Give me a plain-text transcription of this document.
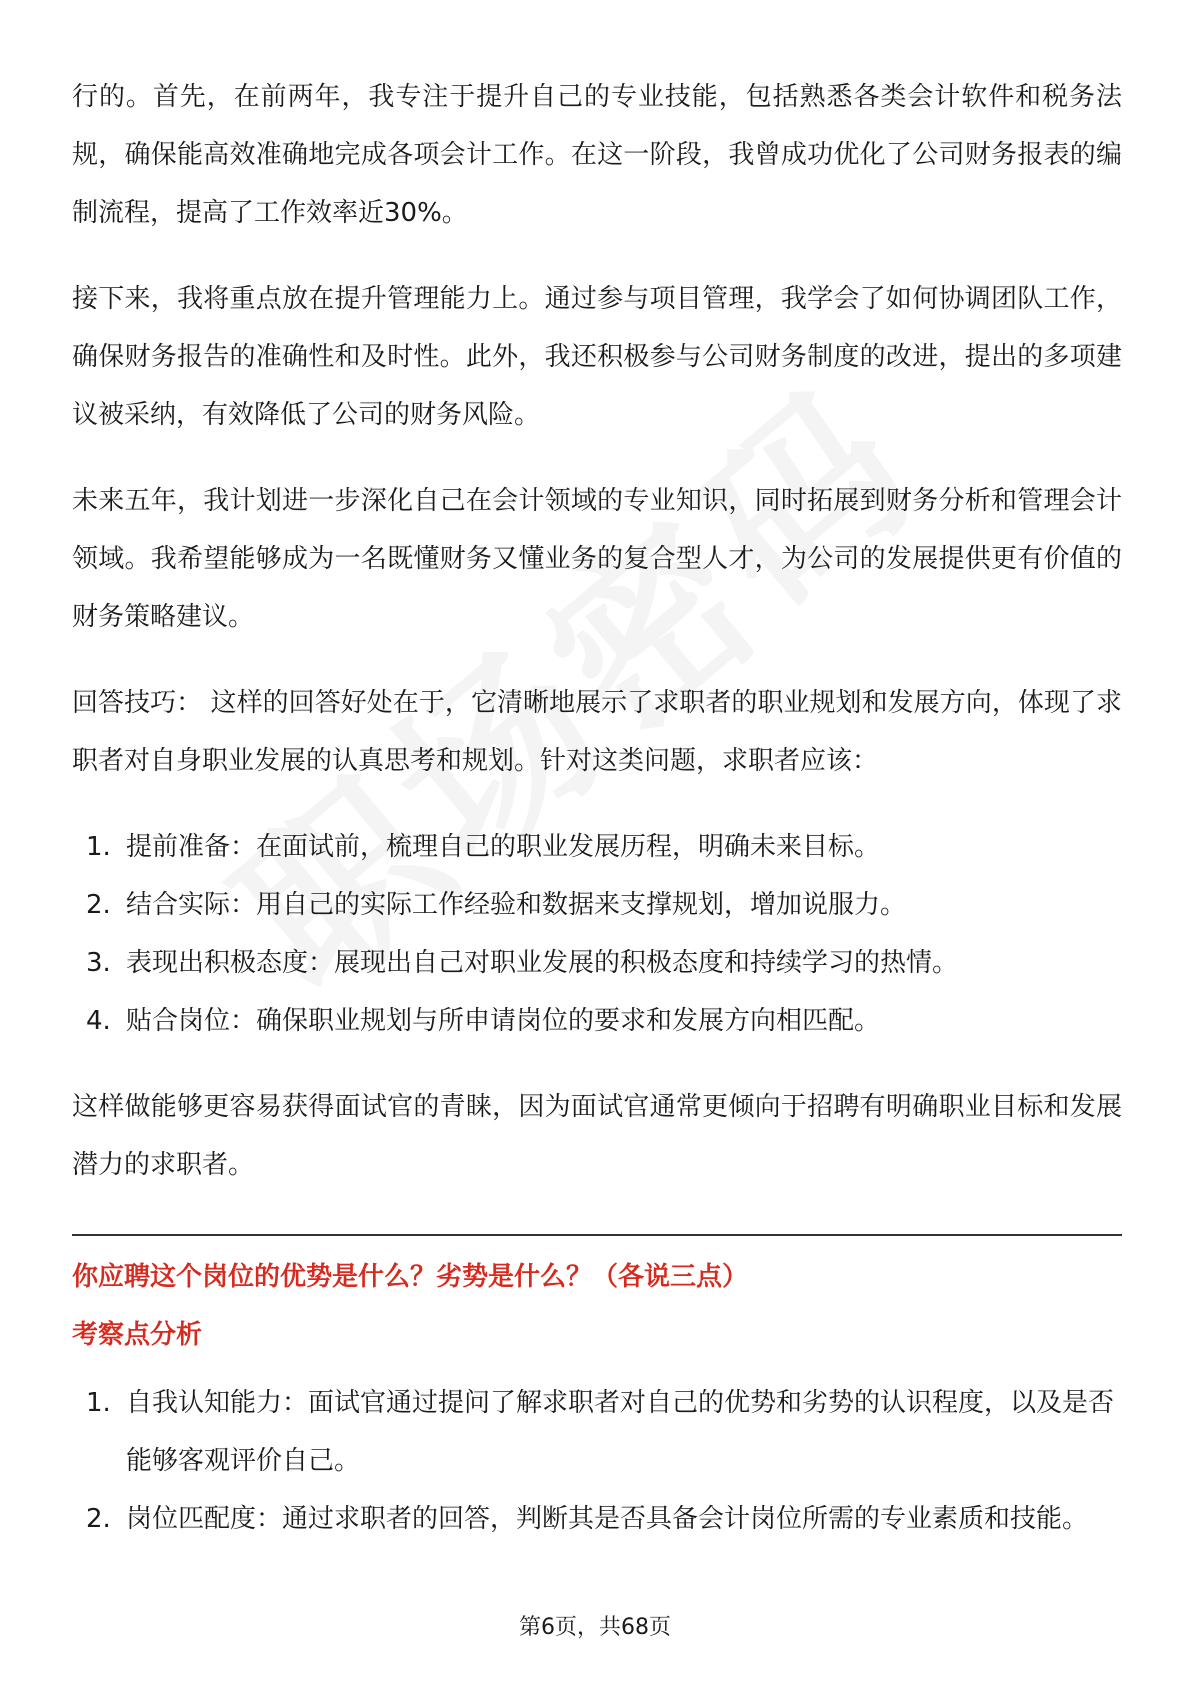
行的。首先，在前两年，我专注于提升自己的专业技能，包括熟悉各类会计软件和税务法规，确保能高效准确地完成各项会计工作。在这一阶段，我曾成功优化了公司财务报表的编制流程，提高了工作效率近30%。

接下来，我将重点放在提升管理能力上。通过参与项目管理，我学会了如何协调团队工作，确保财务报告的准确性和及时性。此外，我还积极参与公司财务制度的改进，提出的多项建议被采纳，有效降低了公司的财务风险。

未来五年，我计划进一步深化自己在会计领域的专业知识，同时拓展到财务分析和管理会计领域。我希望能够成为一名既懂财务又懂业务的复合型人才，为公司的发展提供更有价值的财务策略建议。

回答技巧： 这样的回答好处在于，它清晰地展示了求职者的职业规划和发展方向，体现了求职者对自身职业发展的认真思考和规划。针对这类问题，求职者应该：

1. 提前准备：在面试前，梳理自己的职业发展历程，明确未来目标。
2. 结合实际：用自己的实际工作经验和数据来支撑规划，增加说服力。
3. 表现出积极态度：展现出自己对职业发展的积极态度和持续学习的热情。
4. 贴合岗位：确保职业规划与所申请岗位的要求和发展方向相匹配。

这样做能够更容易获得面试官的青睐，因为面试官通常更倾向于招聘有明确职业目标和发展潜力的求职者。

你应聘这个岗位的优势是什么？劣势是什么？（各说三点）
考察点分析
1. 自我认知能力：面试官通过提问了解求职者对自己的优势和劣势的认识程度，以及是否能够客观评价自己。
2. 岗位匹配度：通过求职者的回答，判断其是否具备会计岗位所需的专业素质和技能。
第6页，共68页
